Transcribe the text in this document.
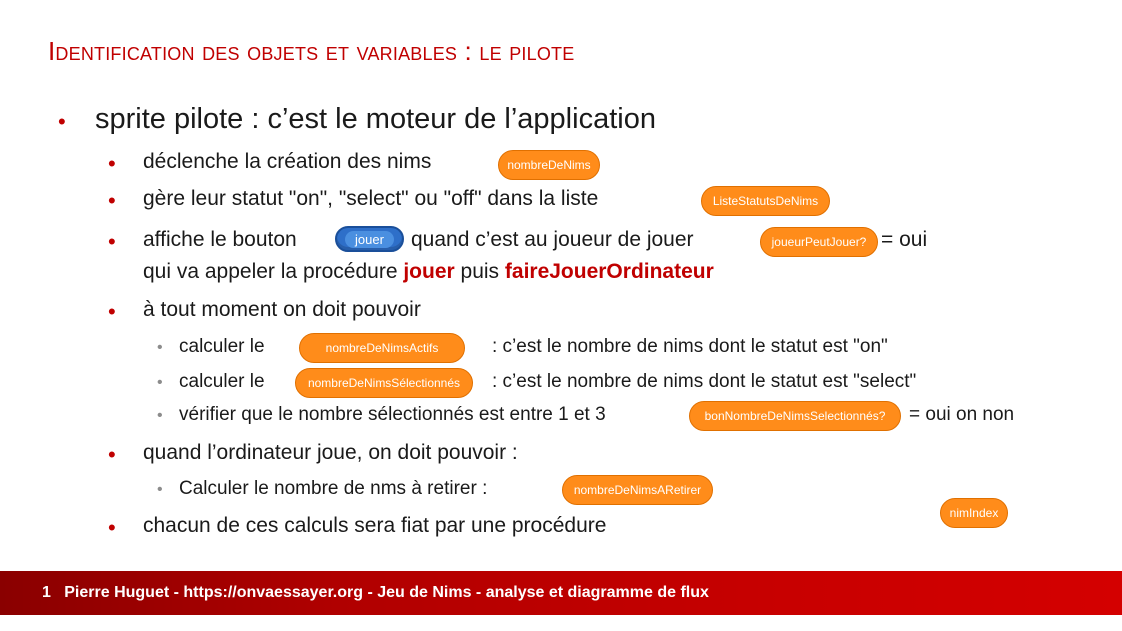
Identification des objets et variables : le pilote
• sprite pilote : c’est le moteur de l’application
• déclenche la création des nims	nombreDeNims
• gère leur statut "on", "select" ou "off" dans la liste	ListeStatutsDeNims
• affiche le bouton	jouer	quand c’est au joueur de jouer	joueurPeutJouer? = oui
qui va appeler la procédure jouer puis faireJouerOrdinateur
• à tout moment on doit pouvoir
• calculer le	nombreDeNimsActifs	: c’est le nombre de nims dont le statut est "on"
• calculer le	nombreDeNimsSélectionnés	: c’est le nombre de nims dont le statut est "select"
• vérifier que le nombre sélectionnés est entre 1 et 3	bonNombreDeNimsSelectionnés?	= oui on non
• quand l’ordinateur joue, on doit pouvoir :
• Calculer le nombre de nms à retirer :	nombreDeNimsARetirer
• chacun de ces calculs sera fiat par une procédure
nimIndex
1 Pierre Huguet - https://onvaessayer.org - Jeu de Nims - analyse et diagramme de flux
